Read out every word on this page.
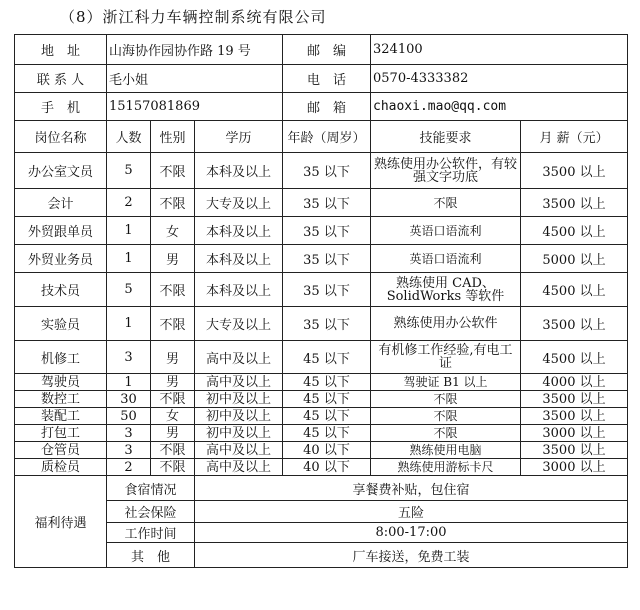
（8）浙江科力车辆控制系统有限公司
地　址	山海协作园协作路 19 号			邮　编	324100	
联 系 人	毛小姐			电　话	0570-4333382	
手　机	15157081869			邮　箱	chaoxi.mao@qq.com	
岗位名称	人数	性别	学历	年龄（周岁）	技能要求	月 薪（元）
办公室文员	5	不限	本科及以上	35 以下	熟练使用办公软件，有较强文字功底	3500 以上
会计	2	不限	大专及以上	35 以下	不限	3500 以上
外贸跟单员	1	女	本科及以上	35 以下	英语口语流利	4500 以上
外贸业务员	1	男	本科及以上	35 以下	英语口语流利	5000 以上
技术员	5	不限	本科及以上	35 以下	熟练使用 CAD、SolidWorks 等软件	4500 以上
实验员	1	不限	大专及以上	35 以下	熟练使用办公软件	3500 以上
机修工	3	男	高中及以上	45 以下	有机修工作经验,有电工证	4500 以上
驾驶员	1	男	高中及以上	45 以下	驾驶证 B1 以上	4000 以上
数控工	30	不限	初中及以上	45 以下	不限	3500 以上
装配工	50	女	初中及以上	45 以下	不限	3500 以上
打包工	3	男	初中及以上	45 以下	不限	3000 以上
仓管员	3	不限	高中及以上	40 以下	熟练使用电脑	3500 以上
质检员	2	不限	高中及以上	40 以下	熟练使用游标卡尺	3000 以上
福利待遇	食宿情况		享餐费补贴，包住宿			
	社会保险		五险			
	工作时间		8:00-17:00			
	其　他		厂车接送，免费工装			
